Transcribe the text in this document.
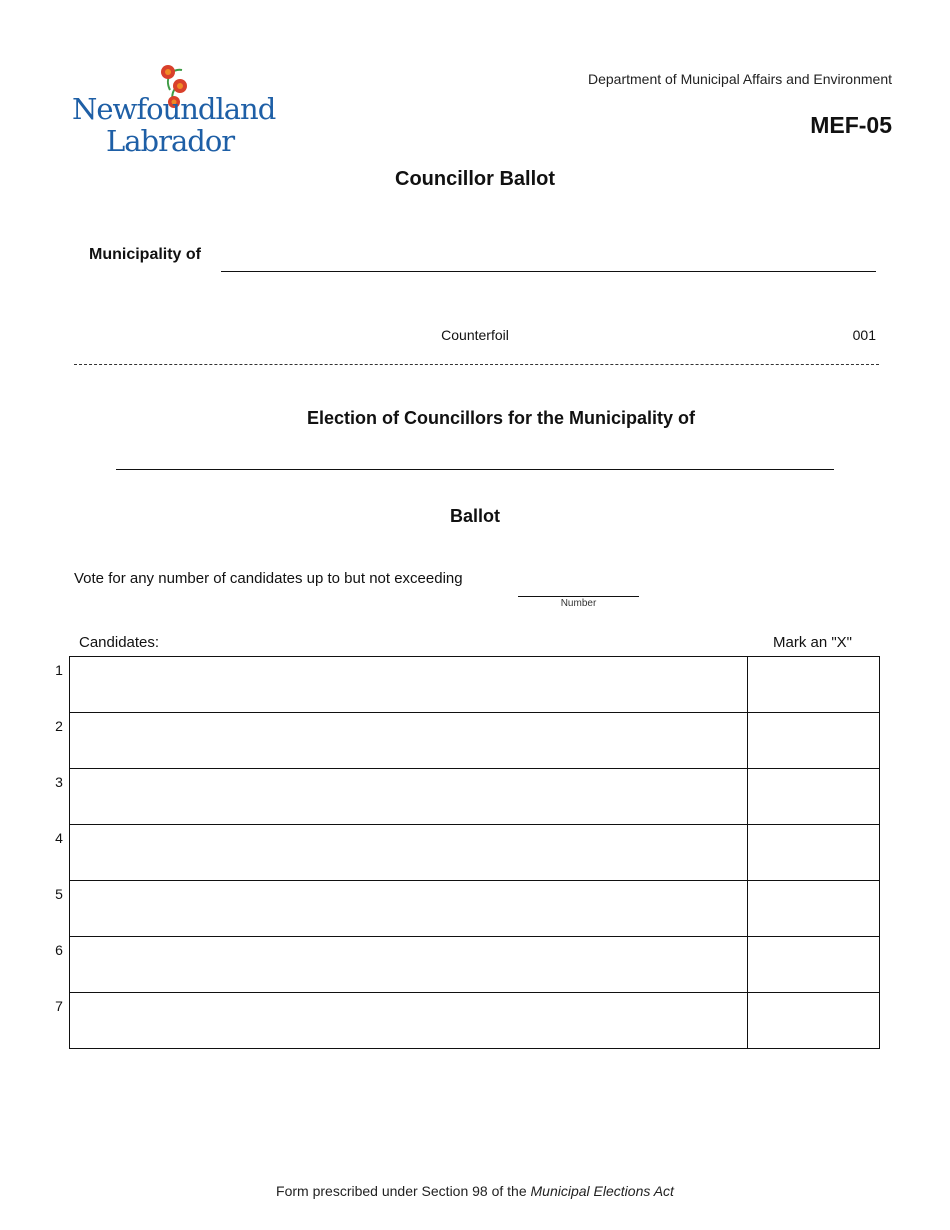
Newfoundland
Labrador
Department of Municipal Affairs and Environment
MEF-05
Councillor Ballot
Municipality of
Counterfoil	001
Election of Councillors for the Municipality of
Ballot
Vote for any number of candidates up to but not exceeding
Number
Candidates:	Mark an "X"

1
2
3
4
5
6
7
Form prescribed under Section 98 of the Municipal Elections Act
